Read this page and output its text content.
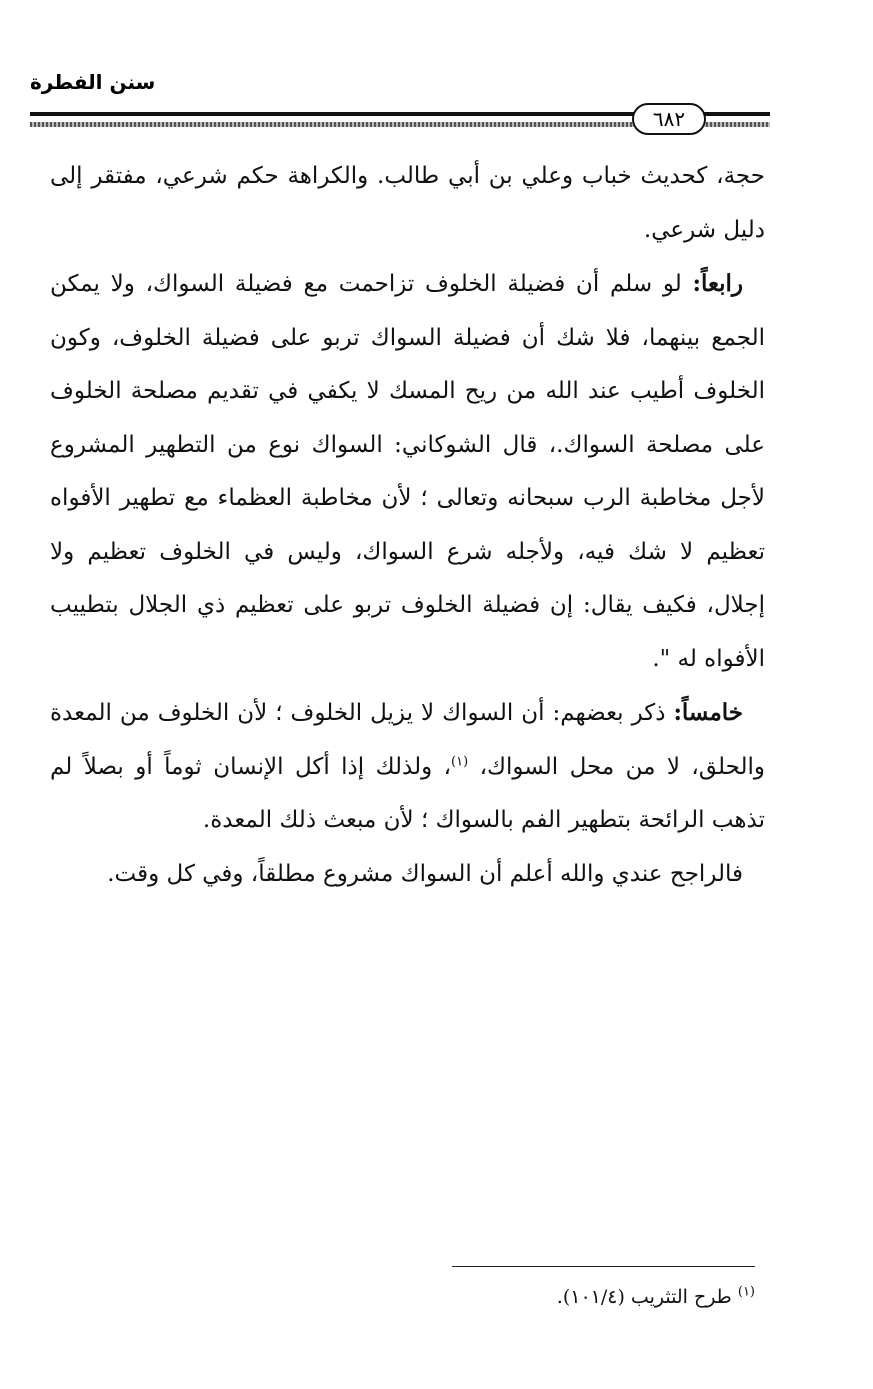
سنن الفطرة
٦٨٢

حجة، كحديث خباب وعلي بن أبي طالب. والكراهة حكم شرعي، مفتقر إلى دليل شرعي.

رابعاً: لو سلم أن فضيلة الخلوف تزاحمت مع فضيلة السواك، ولا يمكن الجمع بينهما، فلا شك أن فضيلة السواك تربو على فضيلة الخلوف، وكون الخلوف أطيب عند الله من ريح المسك لا يكفي في تقديم مصلحة الخلوف على مصلحة السواك.، قال الشوكاني: السواك نوع من التطهير المشروع لأجل مخاطبة الرب سبحانه وتعالى ؛ لأن مخاطبة العظماء مع تطهير الأفواه تعظيم لا شك فيه، ولأجله شرع السواك، وليس في الخلوف تعظيم ولا إجلال، فكيف يقال: إن فضيلة الخلوف تربو على تعظيم ذي الجلال بتطييب الأفواه له ".

خامساً: ذكر بعضهم: أن السواك لا يزيل الخلوف ؛ لأن الخلوف من المعدة والحلق، لا من محل السواك، $^{(١)}$، ولذلك إذا أكل الإنسان ثوماً أو بصلاً لم تذهب الرائحة بتطهير الفم بالسواك ؛ لأن مبعث ذلك المعدة.

فالراجح عندي والله أعلم أن السواك مشروع مطلقاً، وفي كل وقت.

$^{(١)}$ طرح التثريب (١٠١/٤).
